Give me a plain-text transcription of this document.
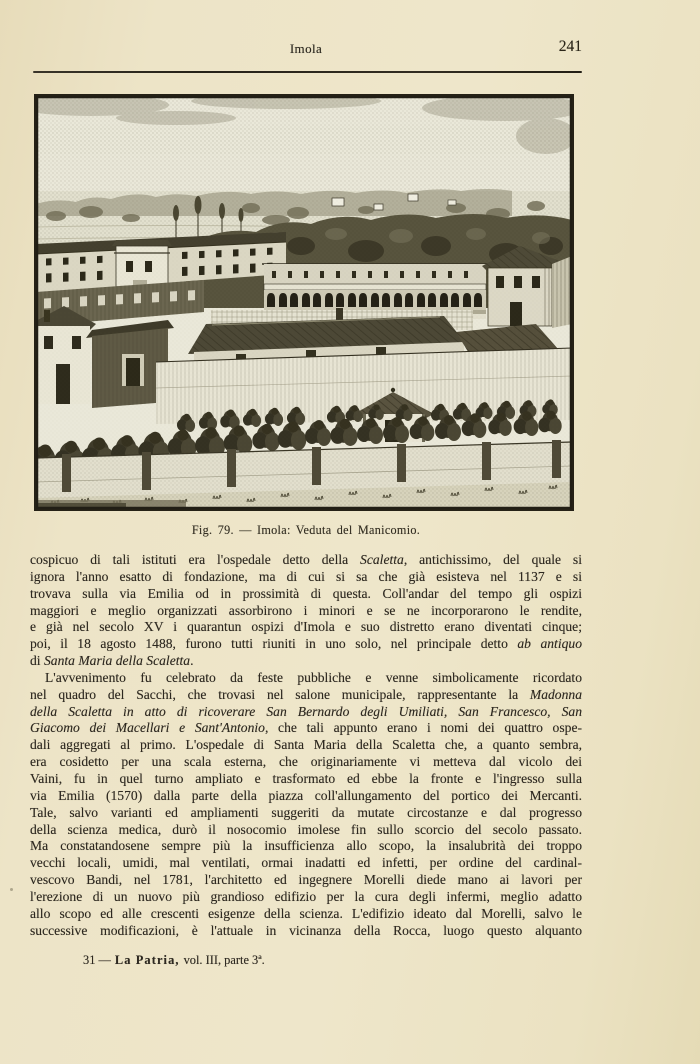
Imola	241
Fig. 79. — Imola: Veduta del Manicomio.
cospicuo di tali istituti era l'ospedale detto della Scaletta, antichissimo, del quale si
ignora l'anno esatto di fondazione, ma di cui si sa che già esisteva nel 1137 e si
trovava sulla via Emilia od in prossimità di questa. Coll'andar del tempo gli ospizi
maggiori e meglio organizzati assorbirono i minori e se ne incorporarono le rendite,
e già nel secolo XV i quarantun ospizi d'Imola e suo distretto erano diventati cinque;
poi, il 18 agosto 1488, furono tutti riuniti in uno solo, nel principale detto ab antiquo
di Santa Maria della Scaletta.
L'avvenimento fu celebrato da feste pubbliche e venne simbolicamente ricordato
nel quadro del Sacchi, che trovasi nel salone municipale, rappresentante la Madonna
della Scaletta in atto di ricoverare San Bernardo degli Umiliati, San Francesco, San
Giacomo dei Macellari e Sant'Antonio, che tali appunto erano i nomi dei quattro ospe-
dali aggregati al primo. L'ospedale di Santa Maria della Scaletta che, a quanto sembra,
era cosidetto per una scala esterna, che originariamente vi metteva dal vicolo dei
Vaini, fu in quel turno ampliato e trasformato ed ebbe la fronte e l'ingresso sulla
via Emilia (1570) dalla parte della piazza coll'allungamento del portico dei Mercanti.
Tale, salvo varianti ed ampliamenti suggeriti da mutate circostanze e dal progresso
della scienza medica, durò il nosocomio imolese fin sullo scorcio del secolo passato.
Ma constatandosene sempre più la insufficienza allo scopo, la insalubrità dei troppo
vecchi locali, umidi, mal ventilati, ormai inadatti ed infetti, per ordine del cardinal-
vescovo Bandi, nel 1781, l'architetto ed ingegnere Morelli diede mano ai lavori per
l'erezione di un nuovo più grandioso edifizio per la cura degli infermi, meglio adatto
allo scopo ed alle crescenti esigenze della scienza. L'edifizio ideato dal Morelli, salvo le
successive modificazioni, è l'attuale in vicinanza della Rocca, luogo questo alquanto
31 — La Patria, vol. III, parte 3ª.
